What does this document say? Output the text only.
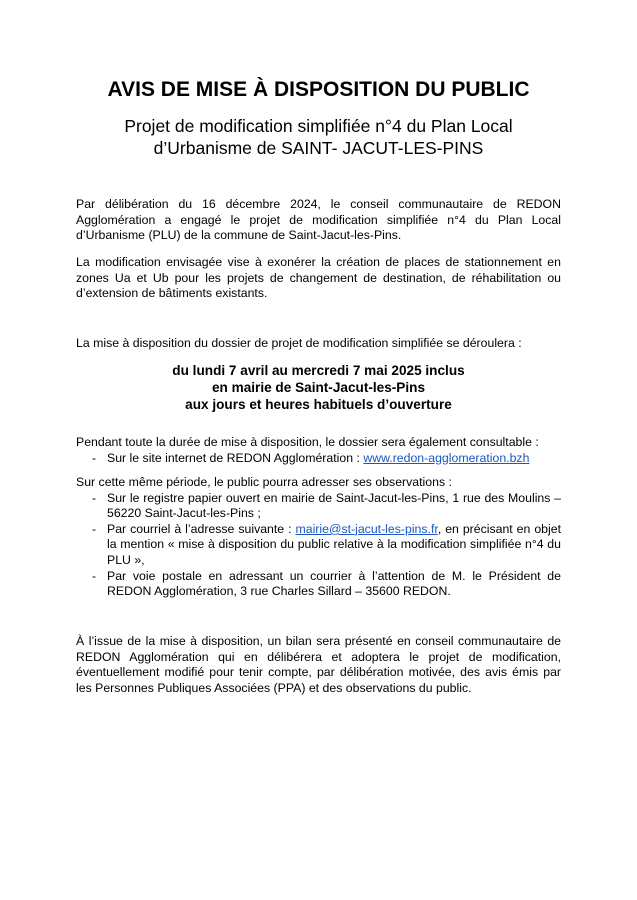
AVIS DE MISE À DISPOSITION DU PUBLIC
Projet de modification simplifiée n°4 du Plan Local
d’Urbanisme de SAINT- JACUT-LES-PINS

Par délibération du 16 décembre 2024, le conseil communautaire de REDON Agglomération a engagé le projet de modification simplifiée n°4 du Plan Local d’Urbanisme (PLU) de la commune de Saint-Jacut-les-Pins.

La modification envisagée vise à exonérer la création de places de stationnement en zones Ua et Ub pour les projets de changement de destination, de réhabilitation ou d’extension de bâtiments existants.

La mise à disposition du dossier de projet de modification simplifiée se déroulera :

du lundi 7 avril au mercredi 7 mai 2025 inclus
en mairie de Saint-Jacut-les-Pins
aux jours et heures habituels d’ouverture
Pendant toute la durée de mise à disposition, le dossier sera également consultable :
- Sur le site internet de REDON Agglomération : www.redon-agglomeration.bzh
Sur cette même période, le public pourra adresser ses observations :
- Sur le registre papier ouvert en mairie de Saint-Jacut-les-Pins, 1 rue des Moulins – 56220 Saint-Jacut-les-Pins ;
- Par courriel à l’adresse suivante : mairie@st-jacut-les-pins.fr, en précisant en objet la mention « mise à disposition du public relative à la modification simplifiée n°4 du PLU »,
- Par voie postale en adressant un courrier à l’attention de M. le Président de REDON Agglomération, 3 rue Charles Sillard – 35600 REDON.

À l’issue de la mise à disposition, un bilan sera présenté en conseil communautaire de REDON Agglomération qui en délibérera et adoptera le projet de modification, éventuellement modifié pour tenir compte, par délibération motivée, des avis émis par les Personnes Publiques Associées (PPA) et des observations du public.
